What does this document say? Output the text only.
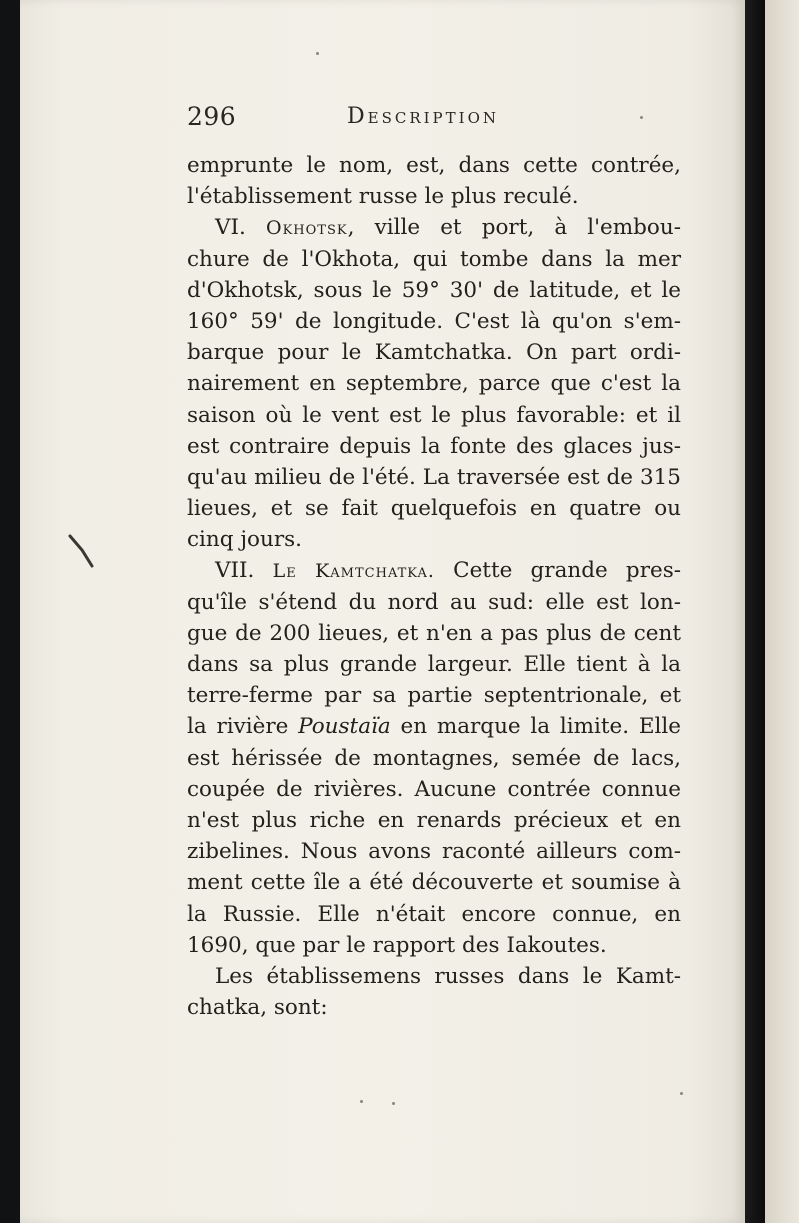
296	Description
emprunte le nom, est, dans cette contrée,
l'établissement russe le plus reculé.
VI. Okhotsk, ville et port, à l'embou-
chure de l'Okhota, qui tombe dans la mer
d'Okhotsk, sous le 59° 30' de latitude, et le
160° 59' de longitude. C'est là qu'on s'em-
barque pour le Kamtchatka. On part ordi-
nairement en septembre, parce que c'est la
saison où le vent est le plus favorable: et il
est contraire depuis la fonte des glaces jus-
qu'au milieu de l'été. La traversée est de 315
lieues, et se fait quelquefois en quatre ou
cinq jours.
VII. Le Kamtchatka. Cette grande pres-
qu'île s'étend du nord au sud: elle est lon-
gue de 200 lieues, et n'en a pas plus de cent
dans sa plus grande largeur. Elle tient à la
terre-ferme par sa partie septentrionale, et
la rivière Poustaïa en marque la limite. Elle
est hérissée de montagnes, semée de lacs,
coupée de rivières. Aucune contrée connue
n'est plus riche en renards précieux et en
zibelines. Nous avons raconté ailleurs com-
ment cette île a été découverte et soumise à
la Russie. Elle n'était encore connue, en
1690, que par le rapport des Iakoutes.
Les établissemens russes dans le Kamt-
chatka, sont:
